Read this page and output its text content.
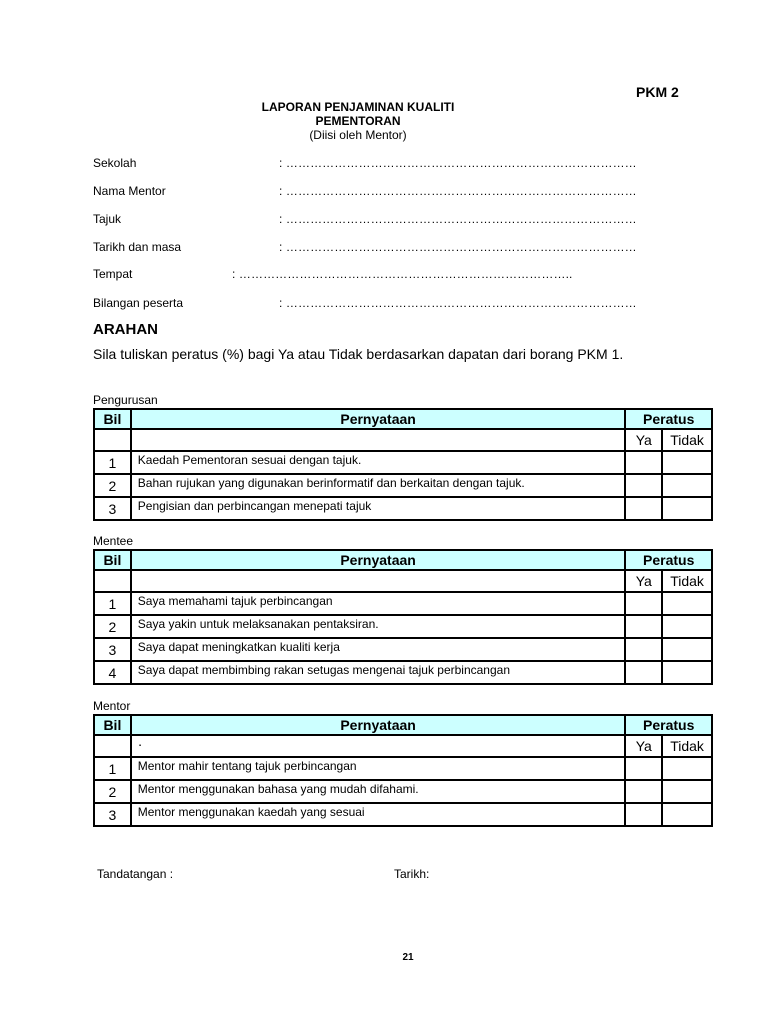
PKM 2
LAPORAN PENJAMINAN KUALITI
PEMENTORAN
(Diisi oleh Mentor)
Sekolah	: ……………………………………………………………………………
Nama Mentor	: ……………………………………………………………………………
Tajuk	: ……………………………………………………………………………
Tarikh dan masa	: ……………………………………………………………………………
Tempat	: ………………………………………………………………………..
Bilangan peserta	: ……………………………………………………………………………
ARAHAN
Sila tuliskan peratus (%) bagi Ya atau Tidak berdasarkan dapatan dari borang PKM 1.
Pengurusan
Bil	Pernyataan	Peratus	
		Ya	Tidak
1	Kaedah Pementoran sesuai dengan tajuk.		
2	Bahan rujukan yang digunakan berinformatif dan berkaitan dengan tajuk.		
3	Pengisian dan perbincangan menepati tajuk		
Mentee
Bil	Pernyataan	Peratus	
		Ya	Tidak
1	Saya memahami tajuk perbincangan		
2	Saya yakin untuk melaksanakan pentaksiran.		
3	Saya dapat meningkatkan kualiti kerja		
4	Saya dapat membimbing rakan setugas mengenai tajuk perbincangan		
Mentor
Bil	Pernyataan	Peratus	
	·	Ya	Tidak
1	Mentor mahir tentang tajuk perbincangan		
2	Mentor menggunakan bahasa yang mudah difahami.		
3	Mentor menggunakan kaedah yang sesuai		
Tandatangan :	Tarikh:
21
